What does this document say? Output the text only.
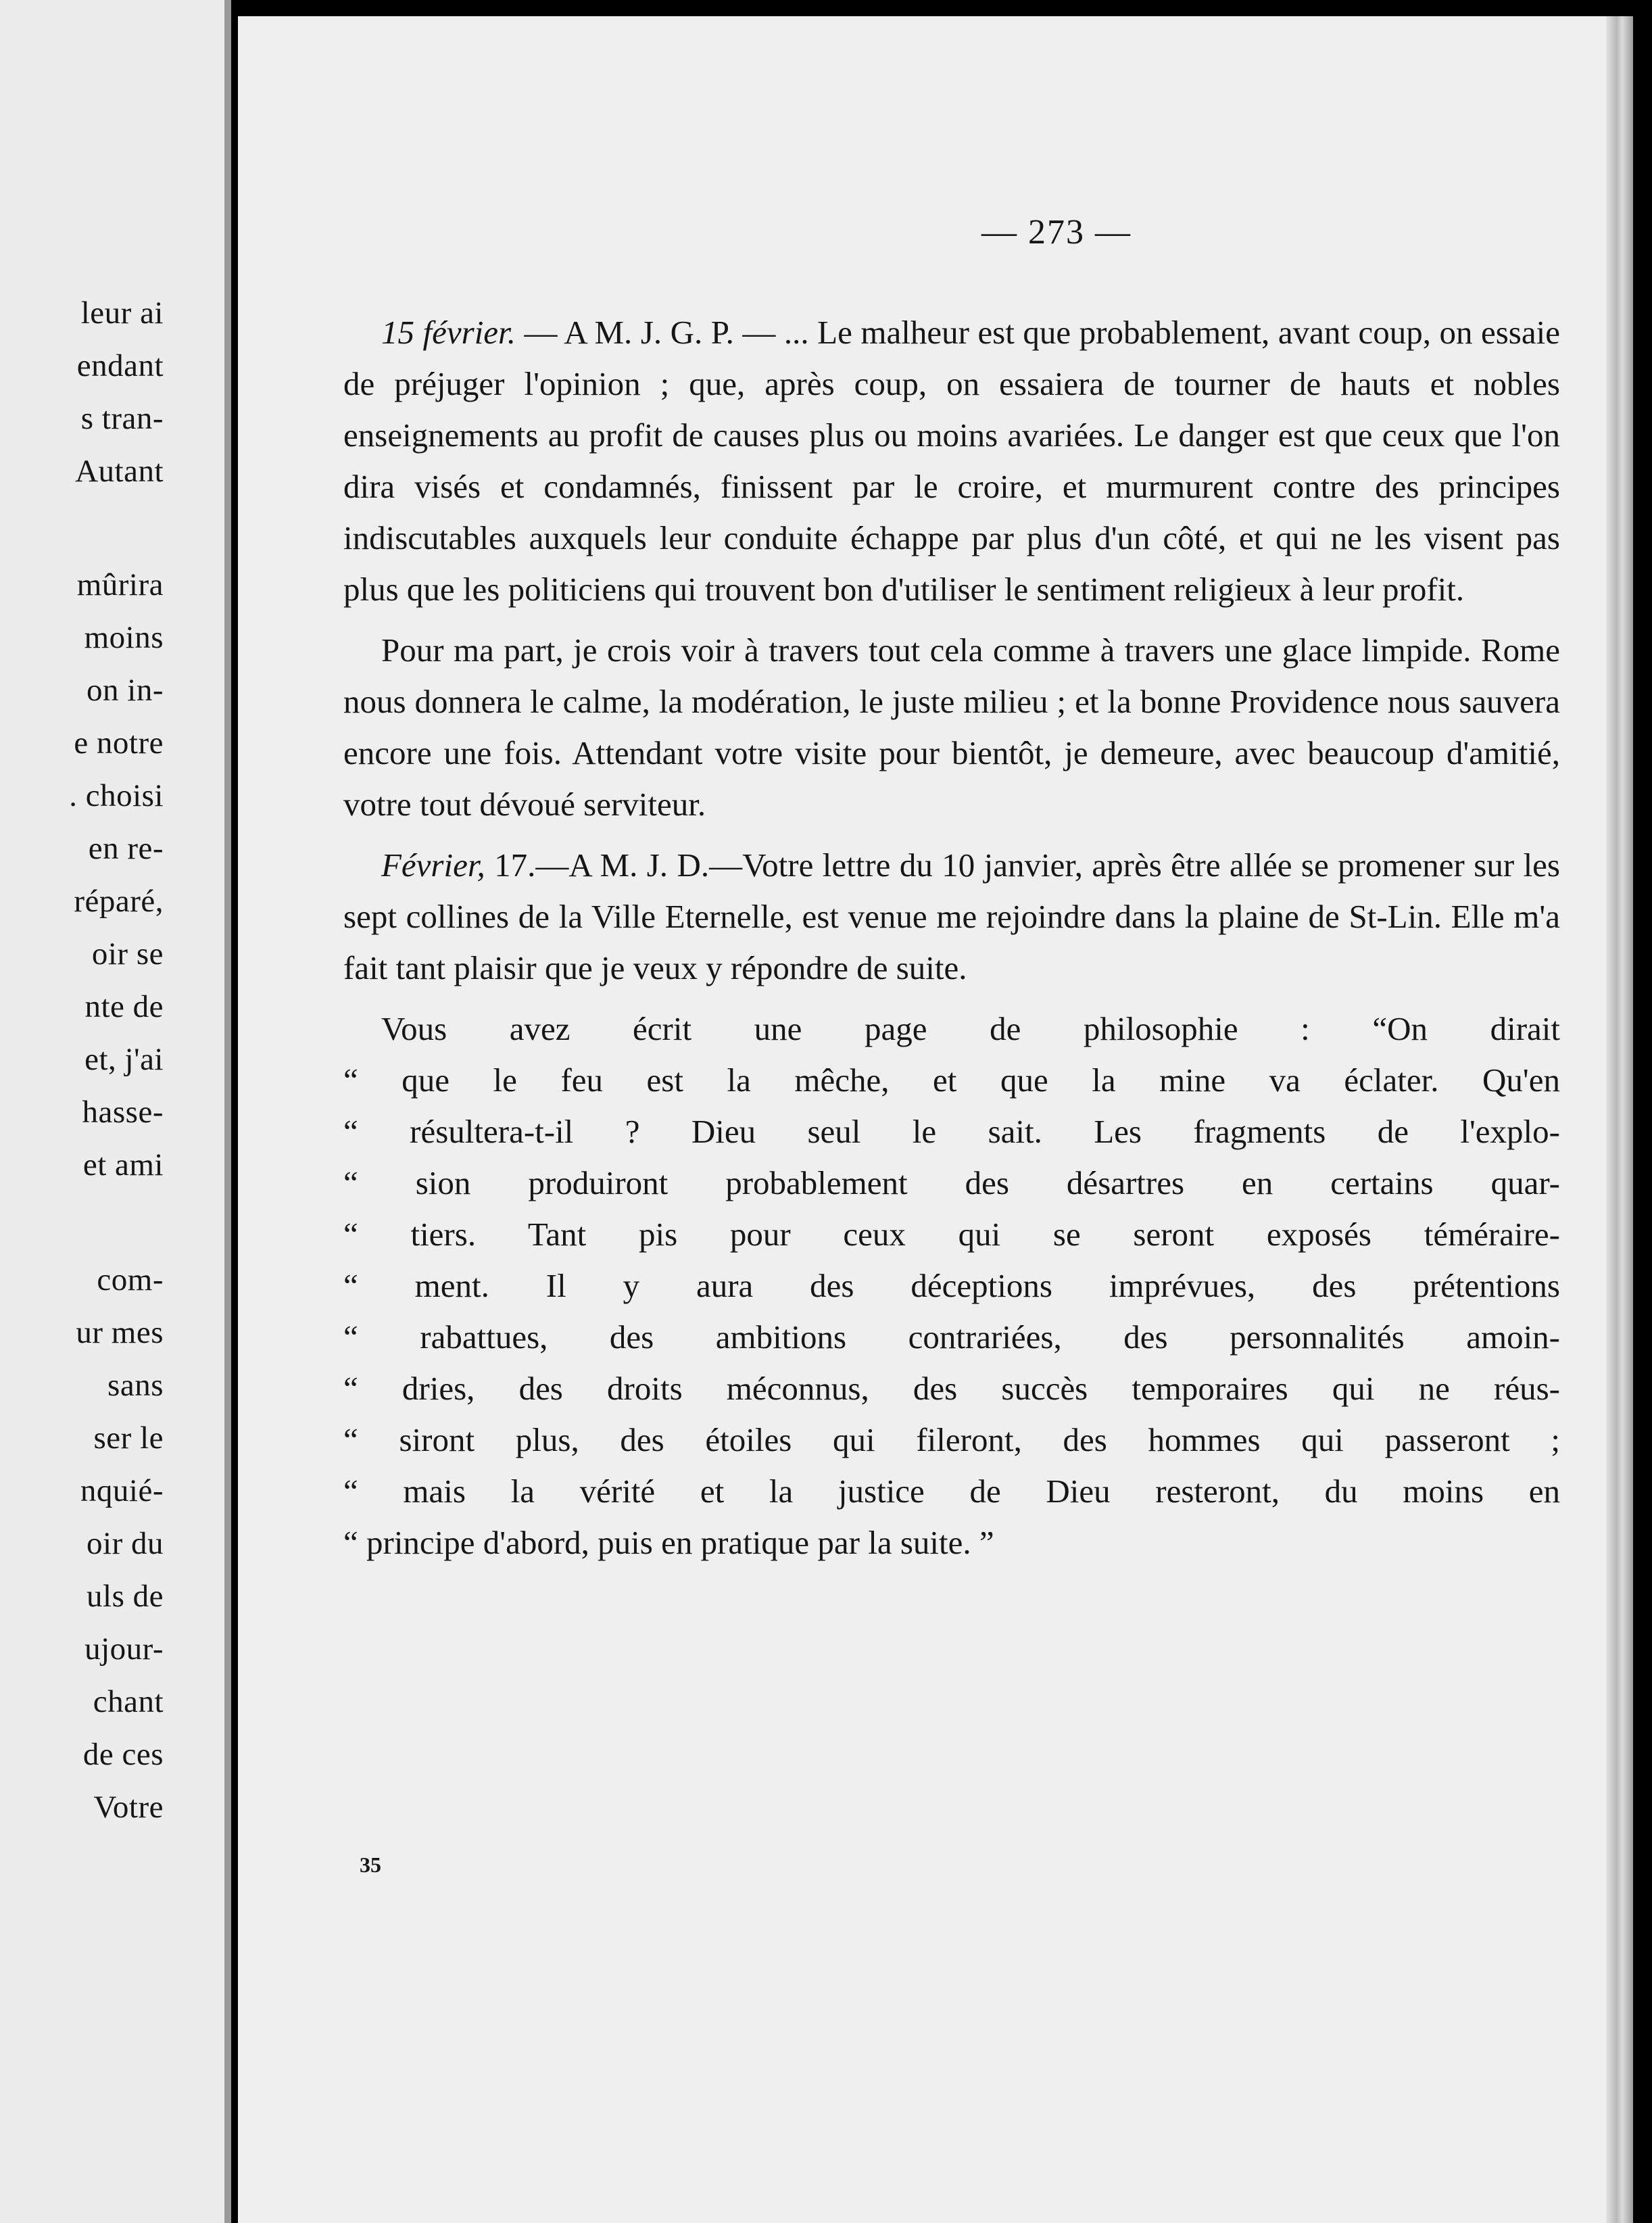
leur ai
endant
s tran-
Autant
mûrira
moins
on in-
e notre
. choisi
en re-
réparé,
oir se
nte de
et, j'ai
hasse-
et ami
com-
ur mes
sans
ser le
nquié-
oir du
uls de
ujour-
chant
de ces
Votre
— 273 —

15 février. — A M. J. G. P. — ... Le malheur est que probablement, avant coup, on essaie de préjuger l'opinion ; que, après coup, on essaiera de tourner de hauts et nobles enseignements au profit de causes plus ou moins avariées. Le danger est que ceux que l'on dira visés et condamnés, finissent par le croire, et murmurent contre des principes indiscutables auxquels leur conduite échappe par plus d'un côté, et qui ne les visent pas plus que les politiciens qui trouvent bon d'utiliser le sentiment religieux à leur profit.

Pour ma part, je crois voir à travers tout cela comme à travers une glace limpide. Rome nous donnera le calme, la modération, le juste milieu ; et la bonne Providence nous sauvera encore une fois. Attendant votre visite pour bientôt, je demeure, avec beaucoup d'amitié, votre tout dévoué serviteur.

Février, 17.—A M. J. D.—Votre lettre du 10 janvier, après être allée se promener sur les sept collines de la Ville Eternelle, est venue me rejoindre dans la plaine de St-Lin. Elle m'a fait tant plaisir que je veux y répondre de suite.

Vous avez écrit une page de philosophie : “On dirait
“ que le feu est la mêche, et que la mine va éclater. Qu'en
“ résultera-t-il ? Dieu seul le sait. Les fragments de l'explo-
“ sion produiront probablement des désartres en certains quar-
“ tiers. Tant pis pour ceux qui se seront exposés téméraire-
“ ment. Il y aura des déceptions imprévues, des prétentions
“ rabattues, des ambitions contrariées, des personnalités amoin-
“ dries, des droits méconnus, des succès temporaires qui ne réus-
“ siront plus, des étoiles qui fileront, des hommes qui passeront ;
“ mais la vérité et la justice de Dieu resteront, du moins en
“ principe d'abord, puis en pratique par la suite. ”

35
